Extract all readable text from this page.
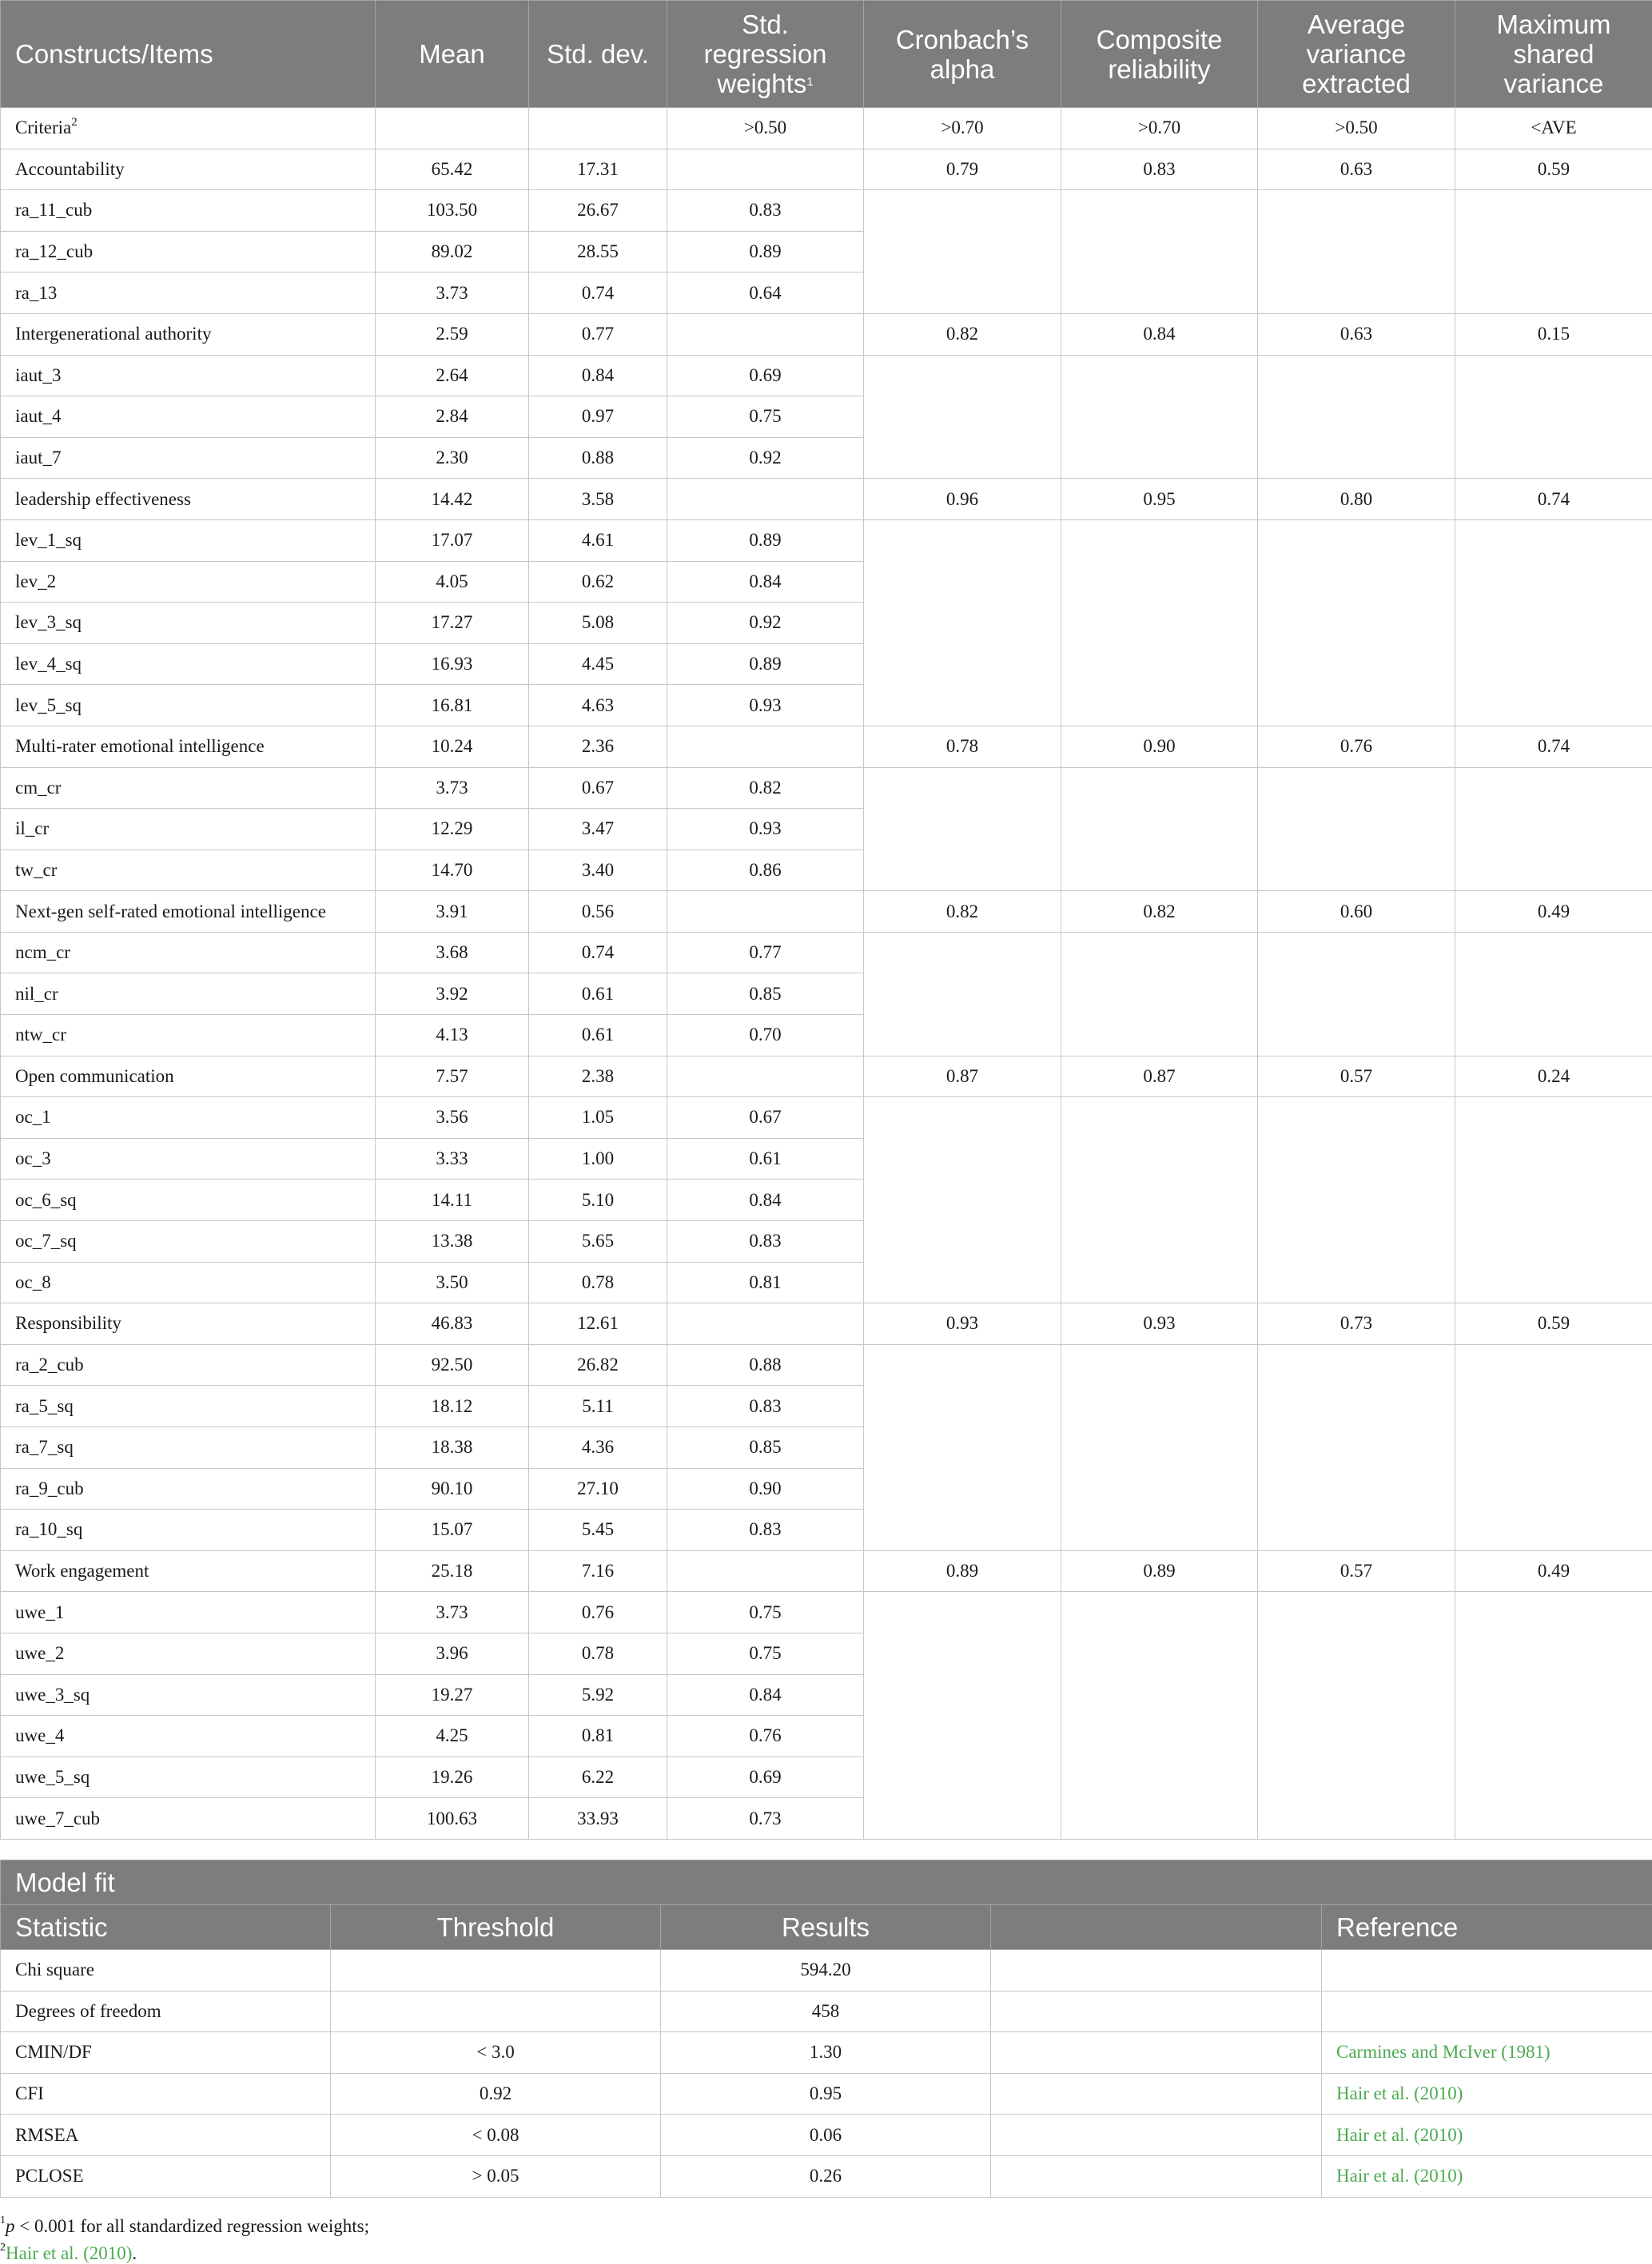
Constructs/Items	Mean	Std. dev.	Std. regression weights$^1$	Cronbach’s alpha	Composite reliability	Average variance extracted	Maximum shared variance
Criteria$^2$			>0.50	>0.70	>0.70	>0.50	<AVE
Accountability	65.42	17.31		0.79	0.83	0.63	0.59
ra_11_cub	103.50	26.67	0.83				
ra_12_cub	89.02	28.55	0.89				
ra_13	3.73	0.74	0.64				
Intergenerational authority	2.59	0.77		0.82	0.84	0.63	0.15
iaut_3	2.64	0.84	0.69				
iaut_4	2.84	0.97	0.75				
iaut_7	2.30	0.88	0.92				
leadership effectiveness	14.42	3.58		0.96	0.95	0.80	0.74
lev_1_sq	17.07	4.61	0.89				
lev_2	4.05	0.62	0.84				
lev_3_sq	17.27	5.08	0.92				
lev_4_sq	16.93	4.45	0.89				
lev_5_sq	16.81	4.63	0.93				
Multi-rater emotional intelligence	10.24	2.36		0.78	0.90	0.76	0.74
cm_cr	3.73	0.67	0.82				
il_cr	12.29	3.47	0.93				
tw_cr	14.70	3.40	0.86				
Next-gen self-rated emotional intelligence	3.91	0.56		0.82	0.82	0.60	0.49
ncm_cr	3.68	0.74	0.77				
nil_cr	3.92	0.61	0.85				
ntw_cr	4.13	0.61	0.70				
Open communication	7.57	2.38		0.87	0.87	0.57	0.24
oc_1	3.56	1.05	0.67				
oc_3	3.33	1.00	0.61				
oc_6_sq	14.11	5.10	0.84				
oc_7_sq	13.38	5.65	0.83				
oc_8	3.50	0.78	0.81				
Responsibility	46.83	12.61		0.93	0.93	0.73	0.59
ra_2_cub	92.50	26.82	0.88				
ra_5_sq	18.12	5.11	0.83				
ra_7_sq	18.38	4.36	0.85				
ra_9_cub	90.10	27.10	0.90				
ra_10_sq	15.07	5.45	0.83				
Work engagement	25.18	7.16		0.89	0.89	0.57	0.49
uwe_1	3.73	0.76	0.75				
uwe_2	3.96	0.78	0.75				
uwe_3_sq	19.27	5.92	0.84				
uwe_4	4.25	0.81	0.76				
uwe_5_sq	19.26	6.22	0.69				
uwe_7_cub	100.63	33.93	0.73				
Model fit				
Statistic	Threshold	Results		Reference
Chi square		594.20		
Degrees of freedom		458		
CMIN/DF	< 3.0	1.30		Carmines and McIver (1981)
CFI	0.92	0.95		Hair et al. (2010)
RMSEA	< 0.08	0.06		Hair et al. (2010)
PCLOSE	> 0.05	0.26		Hair et al. (2010)
$^1$p < 0.001 for all standardized regression weights;
$^2$Hair et al. (2010).
